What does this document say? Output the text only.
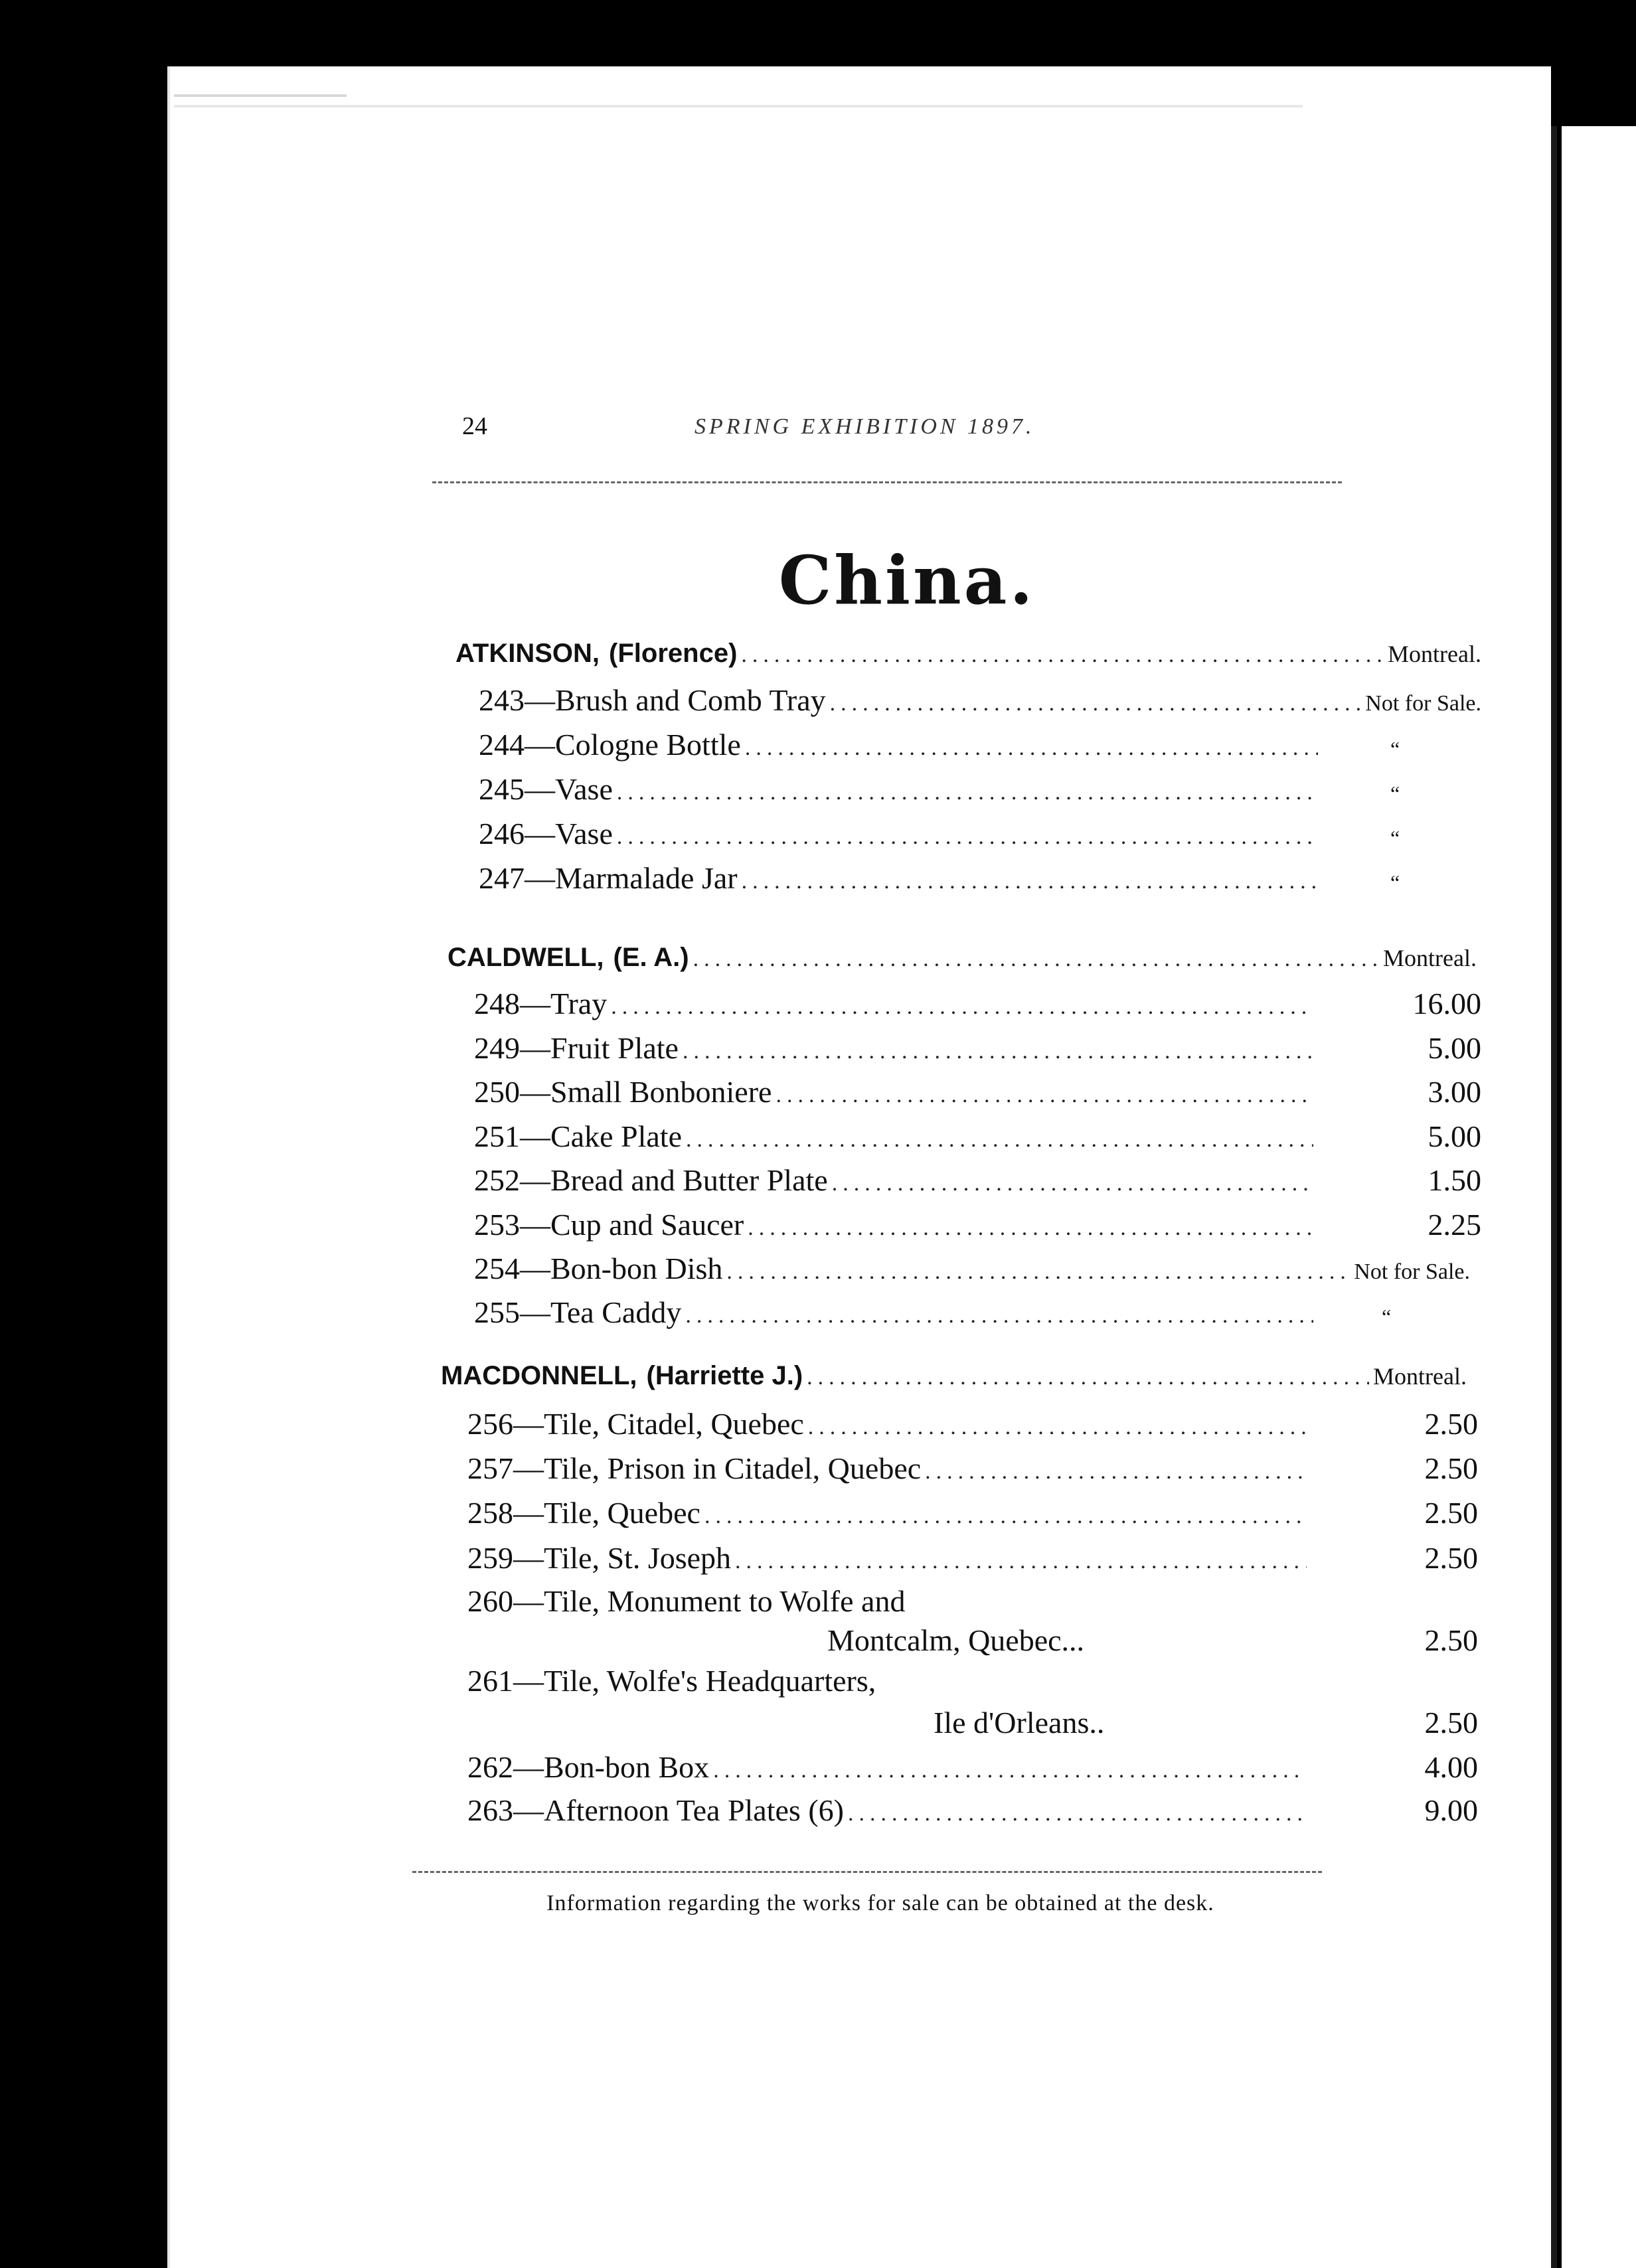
24	SPRING EXHIBITION 1897.
China.
ATKINSON, (Florence) .....	Montreal.
243—Brush and Comb Tray .....	Not for Sale.
244—Cologne Bottle .....	“
245—Vase .....	“
246—Vase .....	“
247—Marmalade Jar .....	“
CALDWELL, (E. A.) .....	Montreal.
248—Tray .....	16.00
249—Fruit Plate .....	5.00
250—Small Bonboniere .....	3.00
251—Cake Plate .....	5.00
252—Bread and Butter Plate .....	1.50
253—Cup and Saucer .....	2.25
254—Bon-bon Dish .....	Not for Sale.
255—Tea Caddy .....	“
MACDONNELL, (Harriette J.) .....	Montreal.
256—Tile, Citadel, Quebec .....	2.50
257—Tile, Prison in Citadel, Quebec .....	2.50
258—Tile, Quebec .....	2.50
259—Tile, St. Joseph .....	2.50
260—Tile, Monument to Wolfe and
Montcalm, Quebec...	2.50
261—Tile, Wolfe's Headquarters,
Ile d'Orleans..	2.50
262—Bon-bon Box .....	4.00
263—Afternoon Tea Plates (6) .....	9.00
Information regarding the works for sale can be obtained at the desk.
